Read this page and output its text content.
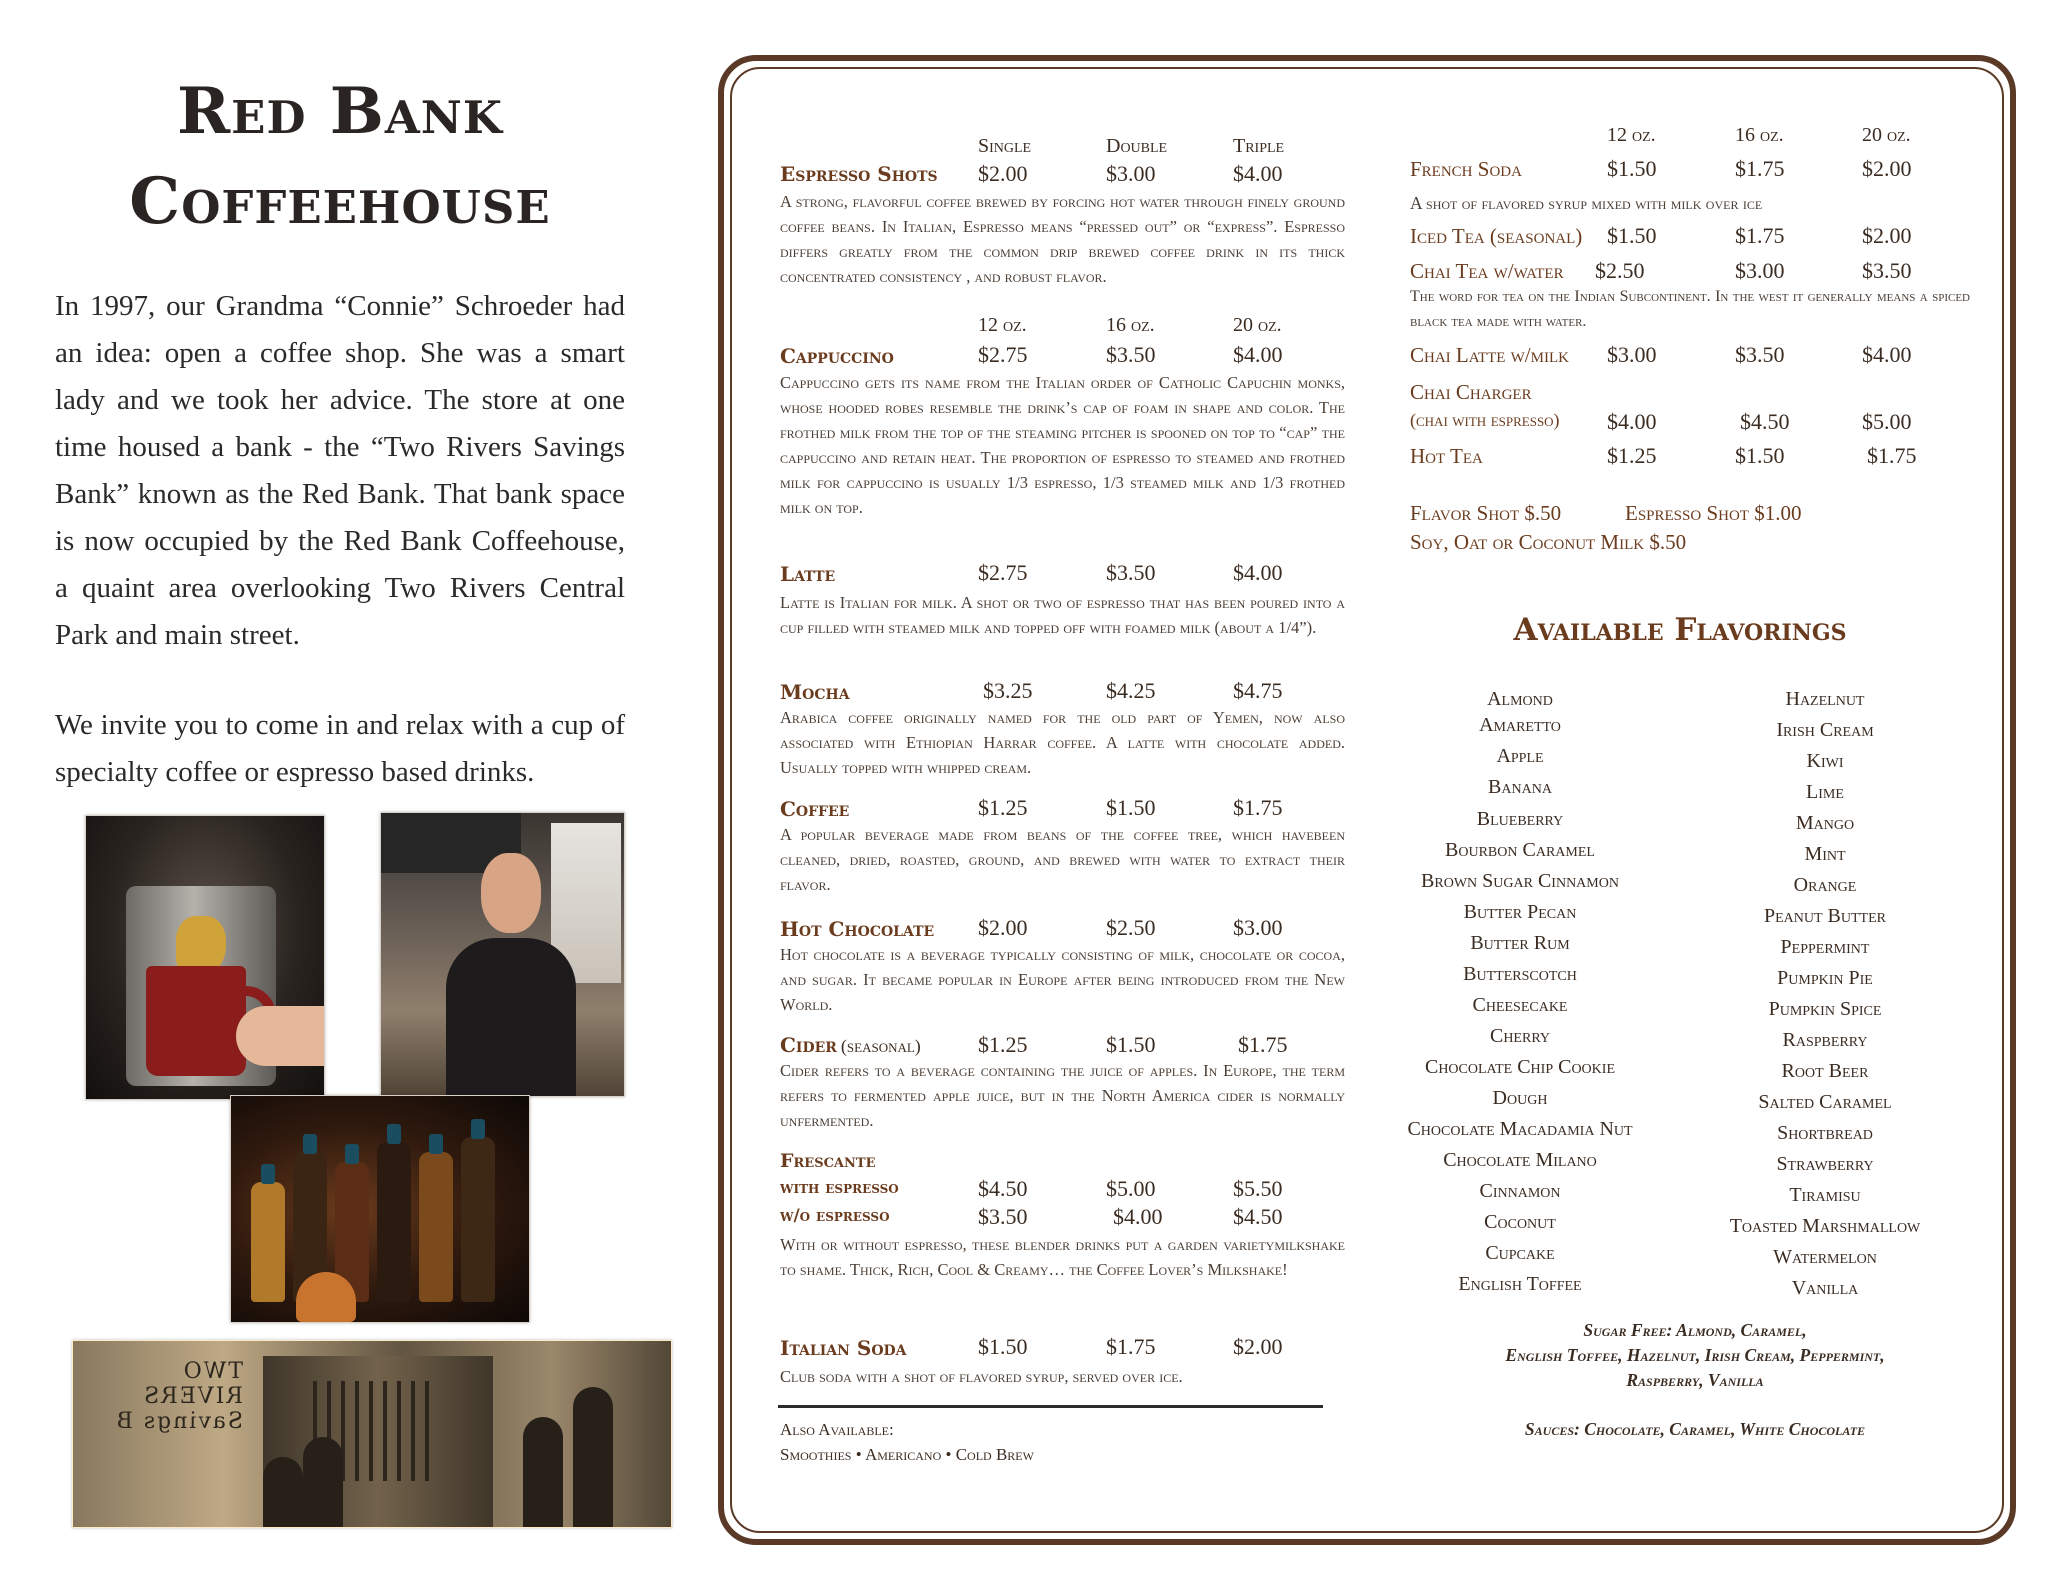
Red Bank
Coffeehouse
In 1997, our Grandma “Connie” Schroeder had an idea: open a coffee shop. She was a smart lady and we took her advice. The store at one time housed a bank - the “Two Rivers Savings Bank” known as the Red Bank. That bank space is now occupied by the Red Bank Coffeehouse, a quaint area overlooking Two Rivers Central Park and main street.
We invite you to come in and relax with a cup of specialty coffee or espresso based drinks.
TWO RIVERS Savings B
Single	Double	Triple
Espresso Shots $2.00	$3.00	$4.00
A strong, flavorful coffee brewed by forcing hot water through finely ground coffee beans. In Italian, Espresso means “pressed out” or “express”. Espresso differs greatly from the common drip brewed coffee drink in its thick concentrated consistency , and robust flavor.
12 oz.	16 oz.	20 oz.
Cappuccino	$2.75	$3.50	$4.00
Cappuccino gets its name from the Italian order of Catholic Capuchin monks, whose hooded robes resemble the drink’s cap of foam in shape and color. The frothed milk from the top of the steaming pitcher is spooned on top to “cap” the cappuccino and retain heat. The proportion of espresso to steamed and frothed milk for cappuccino is usually 1/3 espresso, 1/3 steamed milk and 1/3 frothed milk on top.
Latte	$2.75	$3.50	$4.00
Latte is Italian for milk. A shot or two of espresso that has been poured into a cup filled with steamed milk and topped off with foamed milk (about a 1/4”).
Mocha	$3.25	$4.25	$4.75
Arabica coffee originally named for the old part of Yemen, now also associated with Ethiopian Harrar coffee. A latte with chocolate added. Usually topped with whipped cream.
Coffee	$1.25	$1.50	$1.75
A popular beverage made from beans of the coffee tree, which havebeen cleaned, dried, roasted, ground, and brewed with water to extract their flavor.
Hot Chocolate $2.00	$2.50	$3.00
Hot chocolate is a beverage typically consisting of milk, chocolate or cocoa, and sugar. It became popular in Europe after being introduced from the New World.
Cider (seasonal)	$1.25	$1.50	$1.75
Cider refers to a beverage containing the juice of apples. In Europe, the term refers to fermented apple juice, but in the North America cider is normally unfermented.
Frescante
with espresso	$4.50	$5.00	$5.50
w/o espresso	$3.50	$4.00	$4.50
With or without espresso, these blender drinks put a garden varietymilkshake to shame. Thick, Rich, Cool & Creamy… the Coffee Lover’s Milkshake!
Italian Soda	$1.50	$1.75	$2.00
Club soda with a shot of flavored syrup, served over ice.
Also Available:
Smoothies • Americano • Cold Brew
12 oz.	16 oz.	20 oz.
French Soda	$1.50	$1.75	$2.00
A shot of flavored syrup mixed with milk over ice
Iced Tea (seasonal) $1.50	$1.75	$2.00
Chai Tea w/water $2.50	$3.00	$3.50
The word for tea on the Indian Subcontinent. In the west it generally means a spiced black tea made with water.
Chai Latte w/milk $3.00	$3.50	$4.00
Chai Charger
(chai with espresso) $4.00	$4.50	$5.00
Hot Tea	$1.25	$1.50	$1.75
Flavor Shot $.50	Espresso Shot $1.00
Soy, Oat or Coconut Milk $.50
Available Flavorings
Almond
Amaretto
Apple
Banana
Blueberry
Bourbon Caramel
Brown Sugar Cinnamon
Butter Pecan
Butter Rum
Butterscotch
Cheesecake
Cherry
Chocolate Chip Cookie
Dough
Chocolate Macadamia Nut
Chocolate Milano
Cinnamon
Coconut
Cupcake
English Toffee
Hazelnut
Irish Cream
Kiwi
Lime
Mango
Mint
Orange
Peanut Butter
Peppermint
Pumpkin Pie
Pumpkin Spice
Raspberry
Root Beer
Salted Caramel
Shortbread
Strawberry
Tiramisu
Toasted Marshmallow
Watermelon
Vanilla
Sugar Free: Almond, Caramel,
English Toffee, Hazelnut, Irish Cream, Peppermint,
Raspberry, Vanilla
Sauces: Chocolate, Caramel, White Chocolate
